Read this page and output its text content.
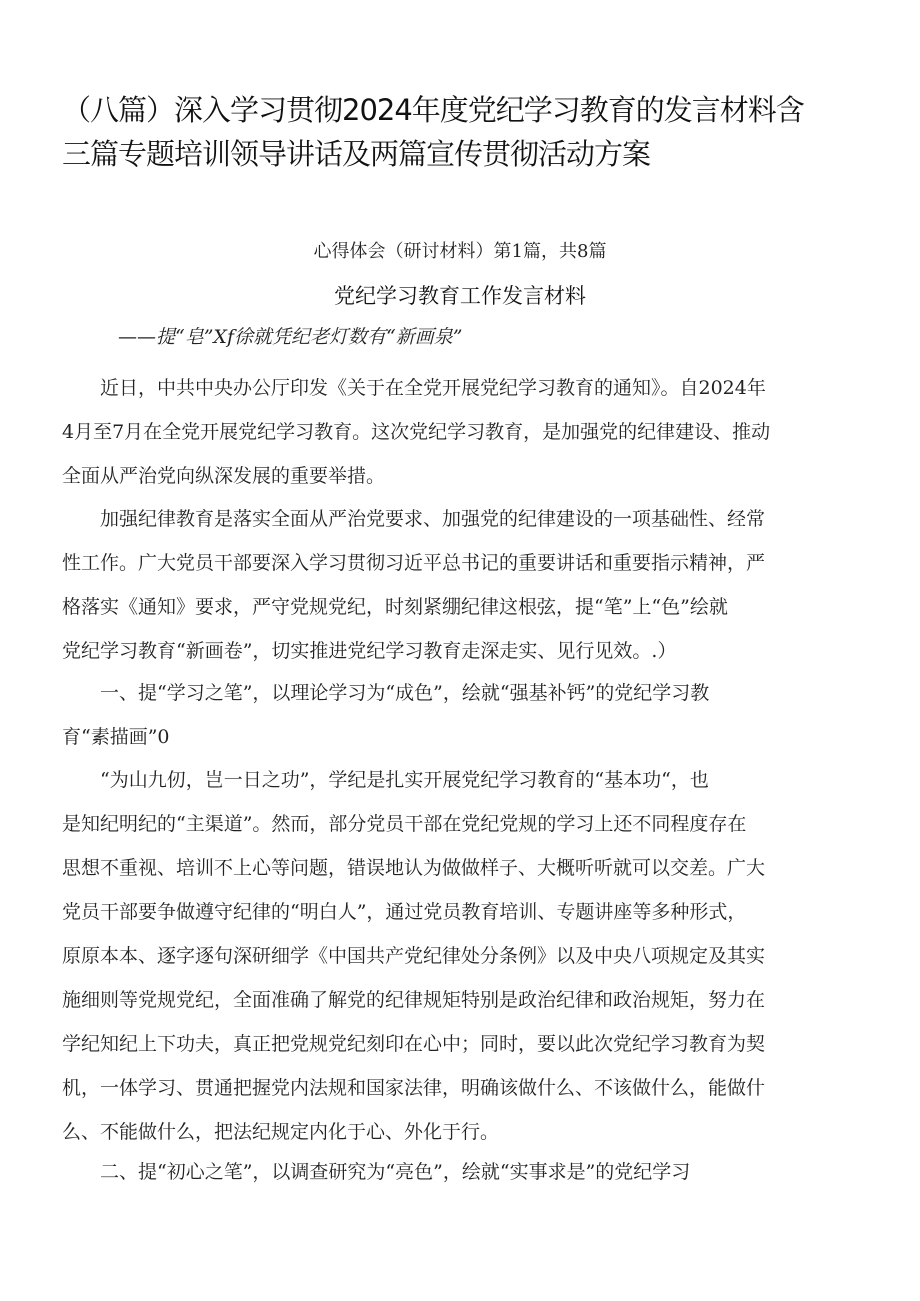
（八篇）深入学习贯彻2024年度党纪学习教育的发言材料含
三篇专题培训领导讲话及两篇宣传贯彻活动方案
心得体会（研讨材料）第1篇，共8篇
党纪学习教育工作发言材料
——提“皂”Xf徐就凭纪老灯数有“新画泉”

　　近日，中共中央办公厅印发《关于在全党开展党纪学习教育的通知》。自2024年
4月至7月在全党开展党纪学习教育。这次党纪学习教育，是加强党的纪律建设、推动
全面从严治党向纵深发展的重要举措。

　　加强纪律教育是落实全面从严治党要求、加强党的纪律建设的一项基础性、经常
性工作。广大党员干部要深入学习贯彻习近平总书记的重要讲话和重要指示精神，严
格落实《通知》要求，严守党规党纪，时刻紧绷纪律这根弦，提“笔”上“色”绘就
党纪学习教育“新画卷”，切实推进党纪学习教育走深走实、见行见效。.）

　　一、提“学习之笔”，以理论学习为“成色”，绘就“强基补钙”的党纪学习教
育“素描画”0

　　“为山九仞，岂一日之功”，学纪是扎实开展党纪学习教育的“基本功“，也
是知纪明纪的“主渠道”。然而，部分党员干部在党纪党规的学习上还不同程度存在
思想不重视、培训不上心等问题，错误地认为做做样子、大概听听就可以交差。广大
党员干部要争做遵守纪律的“明白人”，通过党员教育培训、专题讲座等多种形式，
原原本本、逐字逐句深研细学《中国共产党纪律处分条例》以及中央八项规定及其实
施细则等党规党纪，全面准确了解党的纪律规矩特别是政治纪律和政治规矩，努力在
学纪知纪上下功夫，真正把党规党纪刻印在心中；同时，要以此次党纪学习教育为契
机，一体学习、贯通把握党内法规和国家法律，明确该做什么、不该做什么，能做什
么、不能做什么，把法纪规定内化于心、外化于行。

　　二、提“初心之笔”，以调查研究为“亮色”，绘就“实事求是”的党纪学习
